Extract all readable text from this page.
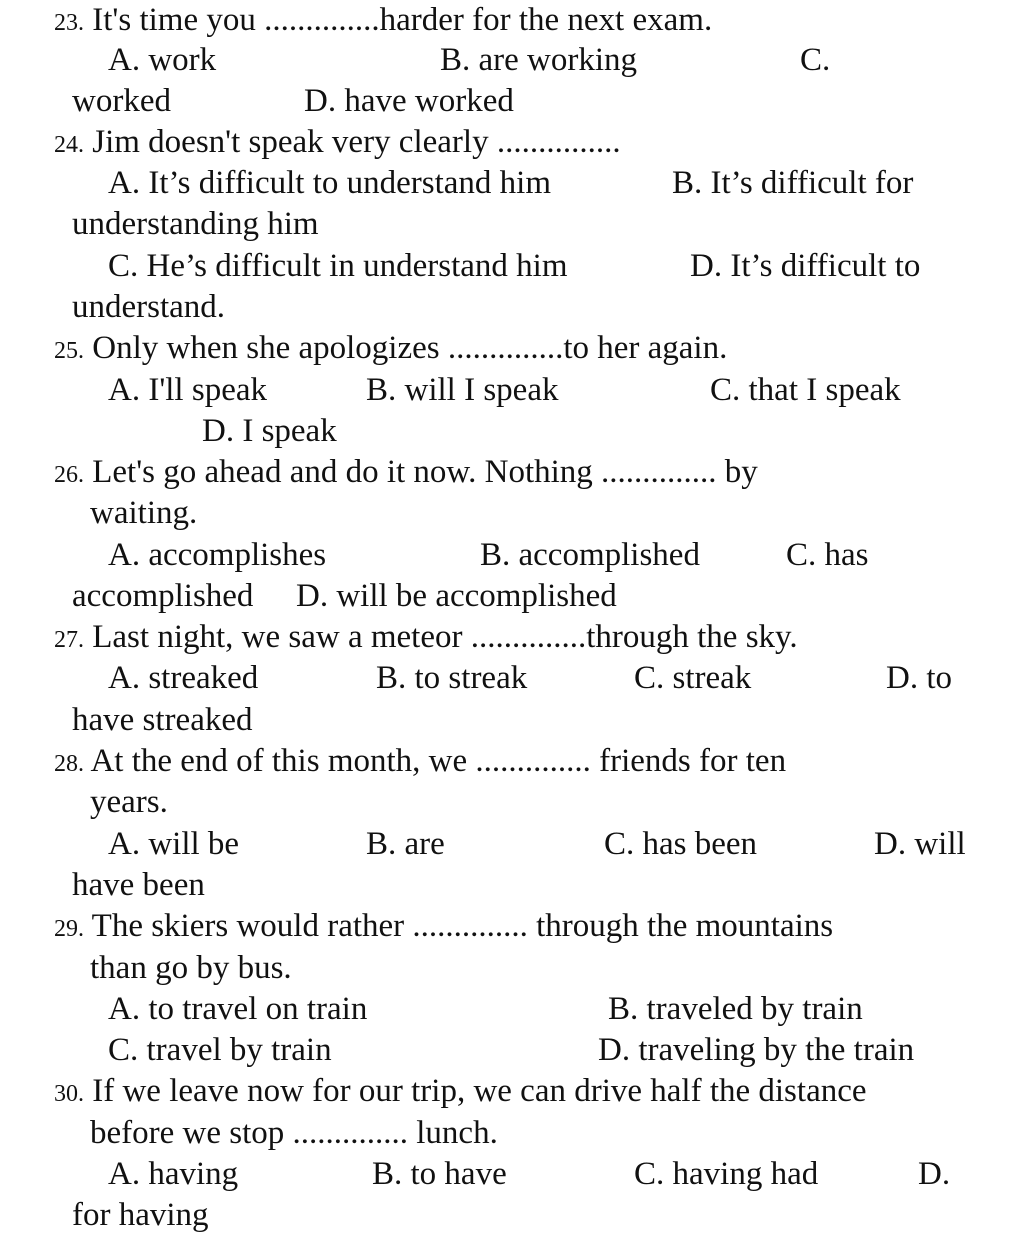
23. It's time you ..............harder for the next exam.
A. work	B. are working	C.
worked	D. have worked
24. Jim doesn't speak very clearly ...............
A. It’s difficult to understand him	B. It’s difficult for
understanding him
C. He’s difficult in understand him	D. It’s difficult to
understand.
25. Only when she apologizes ..............to her again.
A. I'll speak	B. will I speak	C. that I speak
D. I speak
26. Let's go ahead and do it now. Nothing .............. by
waiting.
A. accomplishes	B. accomplished	C. has
accomplished D. will be accomplished
27. Last night, we saw a meteor ..............through the sky.
A. streaked	B. to streak	C. streak	D. to
have streaked
28. At the end of this month, we .............. friends for ten
years.
A. will be	B. are	C. has been	D. will
have been
29. The skiers would rather .............. through the mountains
than go by bus.
A. to travel on train	B. traveled by train
C. travel by train	D. traveling by the train
30. If we leave now for our trip, we can drive half the distance
before we stop .............. lunch.
A. having	B. to have	C. having had	D.
for having
